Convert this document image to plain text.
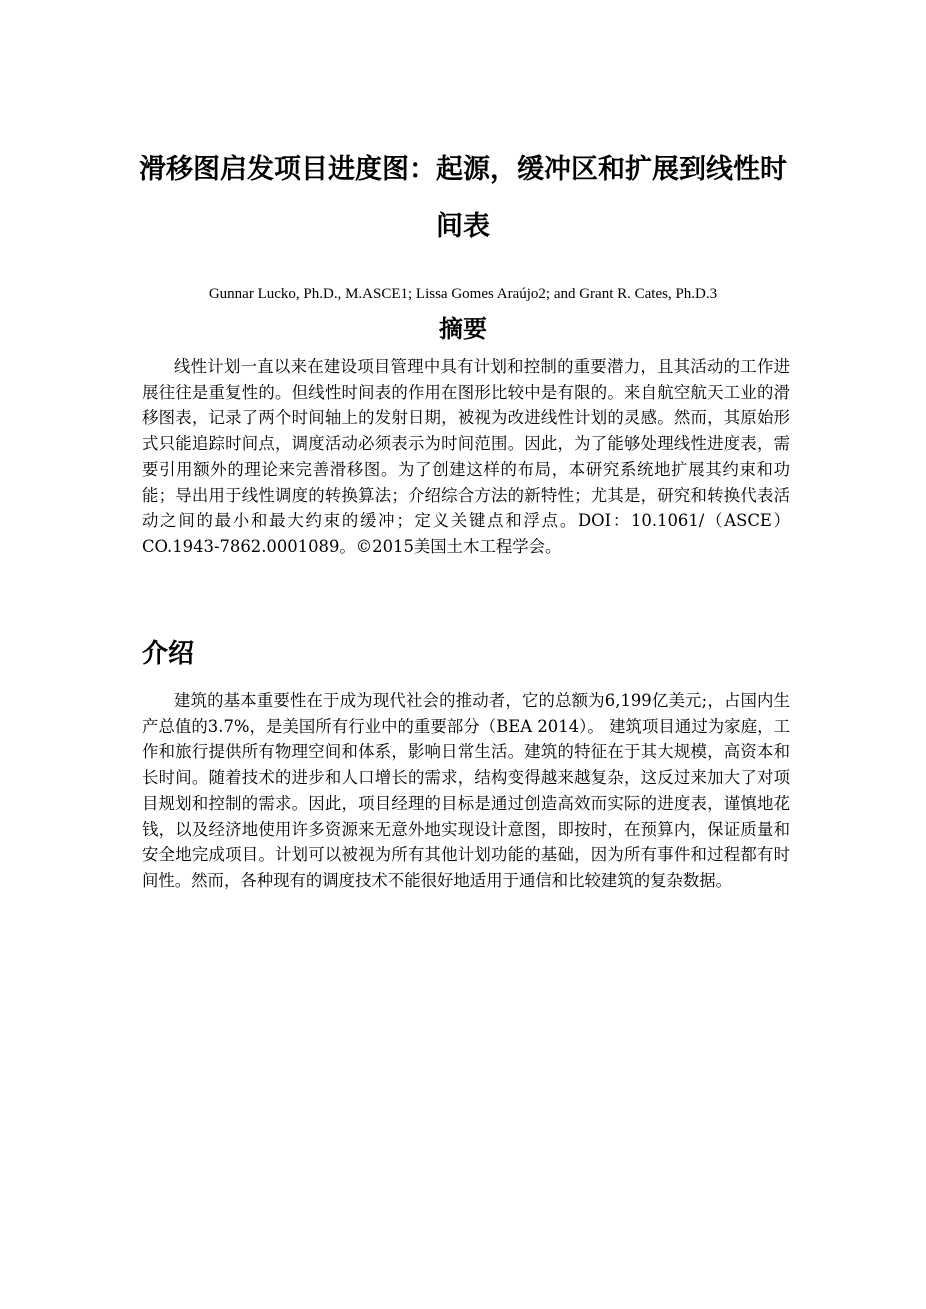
滑移图启发项目进度图：起源，缓冲区和扩展到线性时间表
Gunnar Lucko, Ph.D., M.ASCE1; Lissa Gomes Araújo2; and Grant R. Cates, Ph.D.3
摘要

线性计划一直以来在建设项目管理中具有计划和控制的重要潜力，且其活动的工作进展往往是重复性的。但线性时间表的作用在图形比较中是有限的。来自航空航天工业的滑移图表，记录了两个时间轴上的发射日期，被视为改进线性计划的灵感。然而，其原始形式只能追踪时间点，调度活动必须表示为时间范围。因此，为了能够处理线性进度表，需要引用额外的理论来完善滑移图。为了创建这样的布局，本研究系统地扩展其约束和功能；导出用于线性调度的转换算法；介绍综合方法的新特性；尤其是，研究和转换代表活动之间的最小和最大约束的缓冲；定义关键点和浮点。DOI：10.1061/（ASCE）CO.1943-7862.0001089。©2015美国土木工程学会。

介绍

建筑的基本重要性在于成为现代社会的推动者，它的总额为6,199亿美元;，占国内生产总值的3.7%，是美国所有行业中的重要部分（BEA 2014）。 建筑项目通过为家庭，工作和旅行提供所有物理空间和体系，影响日常生活。建筑的特征在于其大规模，高资本和长时间。随着技术的进步和人口增长的需求，结构变得越来越复杂，这反过来加大了对项目规划和控制的需求。因此，项目经理的目标是通过创造高效而实际的进度表，谨慎地花钱，以及经济地使用许多资源来无意外地实现设计意图，即按时，在预算内，保证质量和安全地完成项目。计划可以被视为所有其他计划功能的基础，因为所有事件和过程都有时间性。然而，各种现有的调度技术不能很好地适用于通信和比较建筑的复杂数据。
